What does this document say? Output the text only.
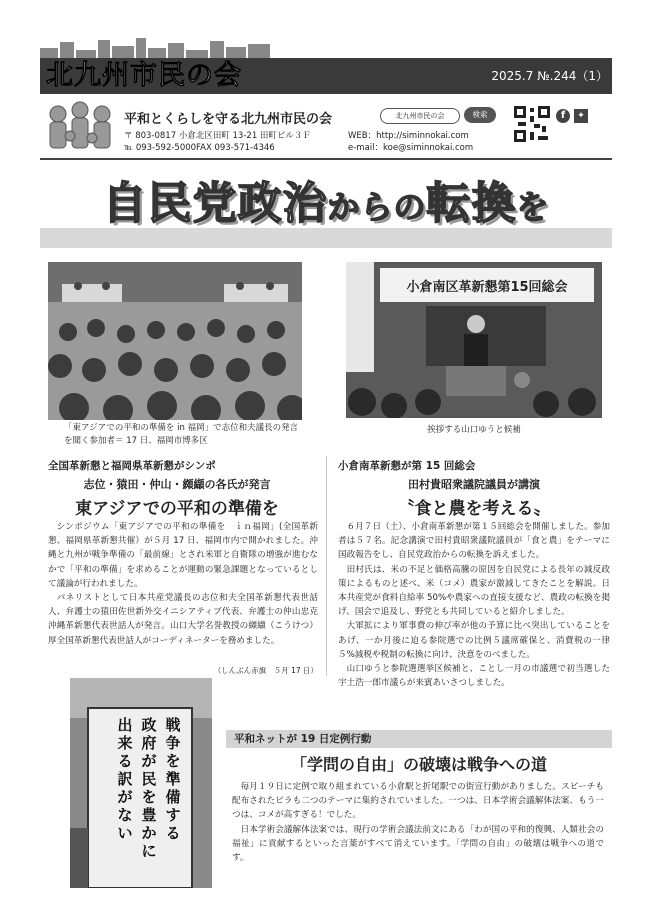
北九州市民の会	2025.7 №.244（1）
平和とくらしを守る北九州市民の会
〒 803-0817 小倉北区田町 13-21 田町ビル３Ｆ
℡ 093-592-5000FAX 093-571-4346
WEB：http://siminnokai.com
e-mail：koe@siminnokai.com
北九州市民の会	検索	f	✦
自民党政治からの転換を
「東アジアでの平和の準備を in 福岡」で志位和夫議長の発言を聞く参加者＝ 17 日、福岡市博多区
小倉南区革新懇第15回総会
挨拶する山口ゆうと候補
全国革新懇と福岡県革新懇がシンポ
志位・猿田・仲山・纐纈の各氏が発言
東アジアでの平和の準備を
シンポジウム「東アジアでの平和の準備を　ｉｎ福岡」(全国革新懇、福岡県革新懇共催）が５月 17 日、福岡市内で開かれました。沖縄と九州が戦争準備の「最前線」とされ米軍と自衛隊の増強が進むなかで「平和の準備」を求めることが運動の緊急課題となっているとして議論が行われました。
パネリストとして日本共産党議長の志位和夫全国革新懇代表世話人、弁護士の猿田佐世新外交イニシアティブ代表、弁護士の仲山忠克沖縄革新懇代表世話人が発言。山口大学名誉教授の纐纈（こうけつ）厚全国革新懇代表世話人がコーディネーターを務めました。
（しんぶん赤旗　５月 17 日）
小倉南革新懇が第 15 回総会
田村貴昭衆議院議員が講演
〝食と農を考える〟
６月７日（土）、小倉南革新懇が第１５回総会を開催しました。参加者は５７名。記念講演で田村貴昭衆議院議員が「食と農」をテーマに国政報告をし、自民党政治からの転換を訴えました。
田村氏は、米の不足と価格高騰の原因を自民党による長年の減反政策によるものと述べ、米（コメ）農家が激減してきたことを解説。日本共産党が食料自給率 50%や農家への直接支援など、農政の転換を掲げ、国会で追及し、野党とも共同していると紹介しました。
大軍拡により軍事費の伸び率が他の予算に比べ突出していることをあげ、一か月後に迫る参院選での比例５議席確保と、消費税の一律５%減税や税制の転換に向け、決意をのべました。
山口ゆうと参院選選挙区候補と、ことし一月の市議選で初当選した宇土浩一郎市議らが来賓あいさつしました。
戦
争
を
準
備
す
る
政
府
が
民
を
豊
か
に
出
来
る
訳
が
な
い
平和ネットが 19 日定例行動
「学問の自由」の破壊は戦争への道
毎月１９日に定例で取り組まれている小倉駅と折尾駅での街宣行動がありました。スピーチも配布されたビラも二つのテーマに集約されていました。一つは、日本学術会議解体法案、もう一つは、コメが高すぎる！でした。
日本学術会議解体法案では、現行の学術会議法前文にある「わが国の平和的復興、人類社会の福祉」に貢献するといった言葉がすべて消えています。「学問の自由」の破壊は戦争への道です。
